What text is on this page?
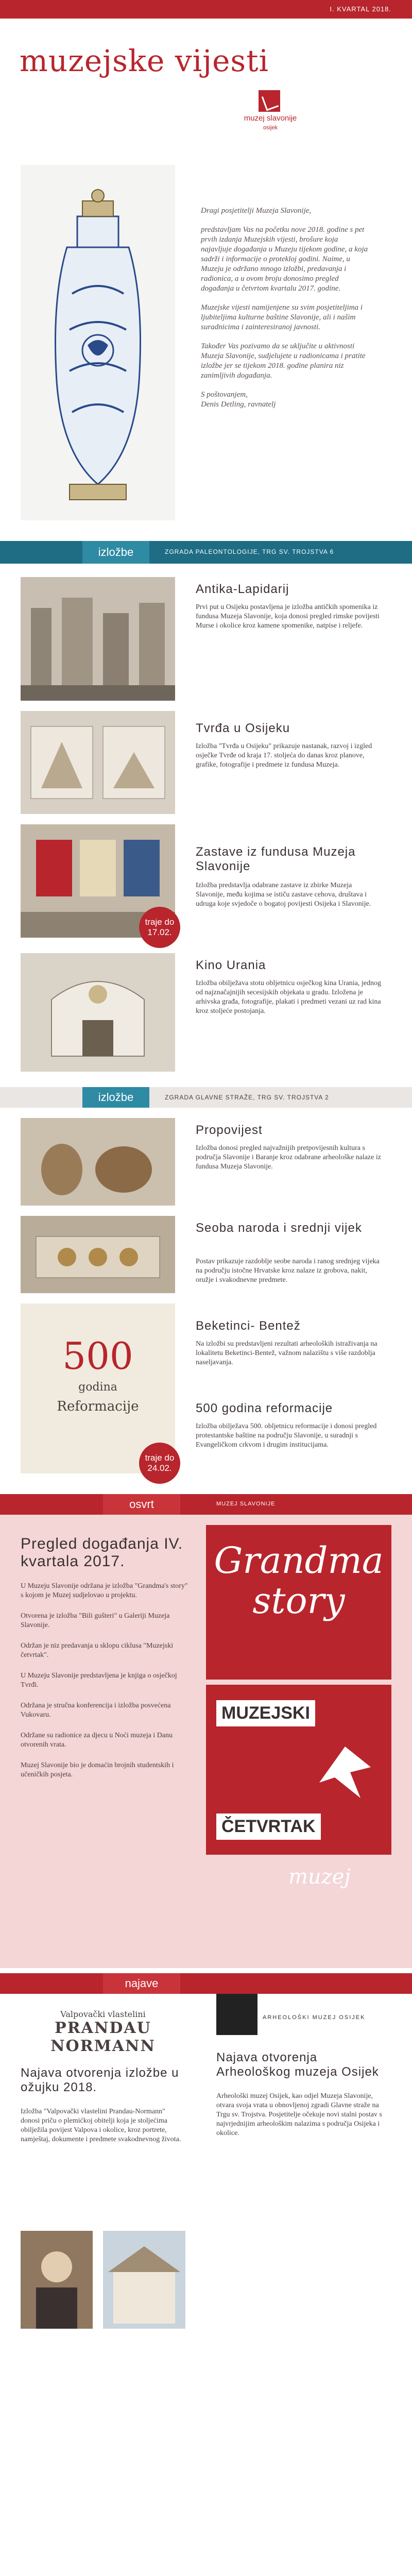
I. KVARTAL 2018.
muzejske vijesti
muzej slavonije
osijek

Dragi posjetitelji Muzeja Slavonije,

predstavljam Vas na početku nove 2018. godine s pet prvih izdanja Muzejskih vijesti, brošure koja najavljuje događanja u Muzeju tijekom godine, a koja sadrži i informacije o protekloj godini. Naime, u Muzeju je održano mnogo izložbi, predavanja i radionica, a u ovom broju donosimo pregled događanja u četvrtom kvartalu 2017. godine.

Muzejske vijesti namijenjene su svim posjetiteljima i ljubiteljima kulturne baštine Slavonije, ali i našim suradnicima i zainteresiranoj javnosti.

Također Vas pozivamo da se uključite u aktivnosti Muzeja Slavonije, sudjelujete u radionicama i pratite izložbe jer se tijekom 2018. godine planira niz zanimljivih događanja.

S poštovanjem,

Denis Detling, ravnatelj

izložbe	ZGRADA PALEONTOLOGIJE, TRG SV. TROJSTVA 6
Antika-Lapidarij
Prvi put u Osijeku postavljena je izložba antičkih spomenika iz fundusa Muzeja Slavonije, koja donosi pregled rimske povijesti Murse i okolice kroz kamene spomenike, natpise i reljefe.
Tvrđa u Osijeku
Izložba "Tvrđa u Osijeku" prikazuje nastanak, razvoj i izgled osječke Tvrđe od kraja 17. stoljeća do danas kroz planove, grafike, fotografije i predmete iz fundusa Muzeja.
traje do 17.02.
Zastave iz fundusa Muzeja Slavonije
Izložba predstavlja odabrane zastave iz zbirke Muzeja Slavonije, među kojima se ističu zastave cehova, društava i udruga koje svjedoče o bogatoj povijesti Osijeka i Slavonije.
Kino Urania
Izložba obilježava stotu obljetnicu osječkog kina Urania, jednog od najznačajnijih secesijskih objekata u gradu. Izložena je arhivska građa, fotografije, plakati i predmeti vezani uz rad kina kroz stoljeće postojanja.
izložbe	ZGRADA GLAVNE STRAŽE, TRG SV. TROJSTVA 2
Propovijest
Izložba donosi pregled najvažnijih pretpovijesnih kultura s područja Slavonije i Baranje kroz odabrane arheološke nalaze iz fundusa Muzeja Slavonije.
Seoba naroda i srednji vijek
Postav prikazuje razdoblje seobe naroda i ranog srednjeg vijeka na području istočne Hrvatske kroz nalaze iz grobova, nakit, oružje i svakodnevne predmete.
500
godina
Reformacije
traje do 24.02.
Beketinci- Bentež
Na izložbi su predstavljeni rezultati arheoloških istraživanja na lokalitetu Beketinci-Bentež, važnom nalazištu s više razdoblja naseljavanja.
500 godina reformacije
Izložba obilježava 500. obljetnicu reformacije i donosi pregled protestantske baštine na području Slavonije, u suradnji s Evangeličkom crkvom i drugim institucijama.
osvrt	MUZEJ SLAVONIJE
Pregled događanja IV. kvartala 2017.
U Muzeju Slavonije održana je izložba "Grandma's story" s kojom je Muzej sudjelovao u projektu.
Otvorena je izložba "Bili gušteri" u Galeriji Muzeja Slavonije.
Održan je niz predavanja u sklopu ciklusa "Muzejski četvrtak".
U Muzeju Slavonije predstavljena je knjiga o osječkoj Tvrđi.
Održana je stručna konferencija i izložba posvećena Vukovaru.
Održane su radionice za djecu u Noći muzeja i Danu otvorenih vrata.
Muzej Slavonije bio je domaćin brojnih studentskih i učeničkih posjeta.
Grandma story
MUZEJSKI
ČETVRTAK
muzej
najave
Valpovački vlastelini
PRANDAU NORMANN
Najava otvorenja izložbe u ožujku 2018.
Izložba "Valpovački vlastelini Prandau-Normann" donosi priču o plemićkoj obitelji koja je stoljećima obilježila povijest Valpova i okolice, kroz portrete, namještaj, dokumente i predmete svakodnevnog života.
ARHEOLOŠKI MUZEJ OSIJEK
Najava otvorenja Arheološkog muzeja Osijek
Arheološki muzej Osijek, kao odjel Muzeja Slavonije, otvara svoja vrata u obnovljenoj zgradi Glavne straže na Trgu sv. Trojstva. Posjetitelje očekuje novi stalni postav s najvrjednijim arheološkim nalazima s područja Osijeka i okolice.
